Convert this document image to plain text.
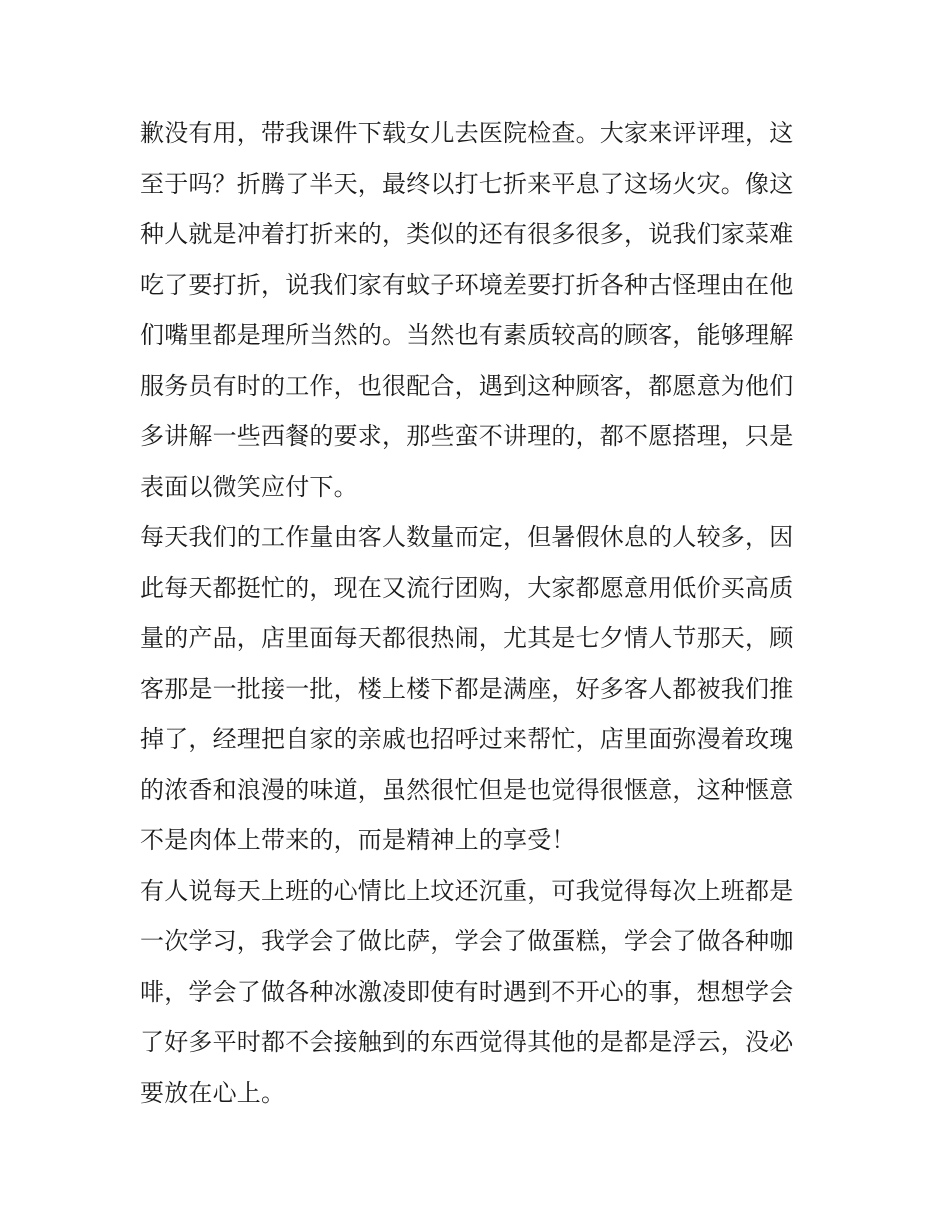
歉没有用，带我课件下载女儿去医院检查。大家来评评理，这
至于吗？折腾了半天，最终以打七折来平息了这场火灾。像这
种人就是冲着打折来的，类似的还有很多很多，说我们家菜难
吃了要打折，说我们家有蚊子环境差要打折各种古怪理由在他
们嘴里都是理所当然的。当然也有素质较高的顾客，能够理解
服务员有时的工作，也很配合，遇到这种顾客，都愿意为他们
多讲解一些西餐的要求，那些蛮不讲理的，都不愿搭理，只是
表面以微笑应付下。
每天我们的工作量由客人数量而定，但暑假休息的人较多，因
此每天都挺忙的，现在又流行团购，大家都愿意用低价买高质
量的产品，店里面每天都很热闹，尤其是七夕情人节那天，顾
客那是一批接一批，楼上楼下都是满座，好多客人都被我们推
掉了，经理把自家的亲戚也招呼过来帮忙，店里面弥漫着玫瑰
的浓香和浪漫的味道，虽然很忙但是也觉得很惬意，这种惬意
不是肉体上带来的，而是精神上的享受！
有人说每天上班的心情比上坟还沉重，可我觉得每次上班都是
一次学习，我学会了做比萨，学会了做蛋糕，学会了做各种咖
啡，学会了做各种冰激凌即使有时遇到不开心的事，想想学会
了好多平时都不会接触到的东西觉得其他的是都是浮云，没必
要放在心上。
